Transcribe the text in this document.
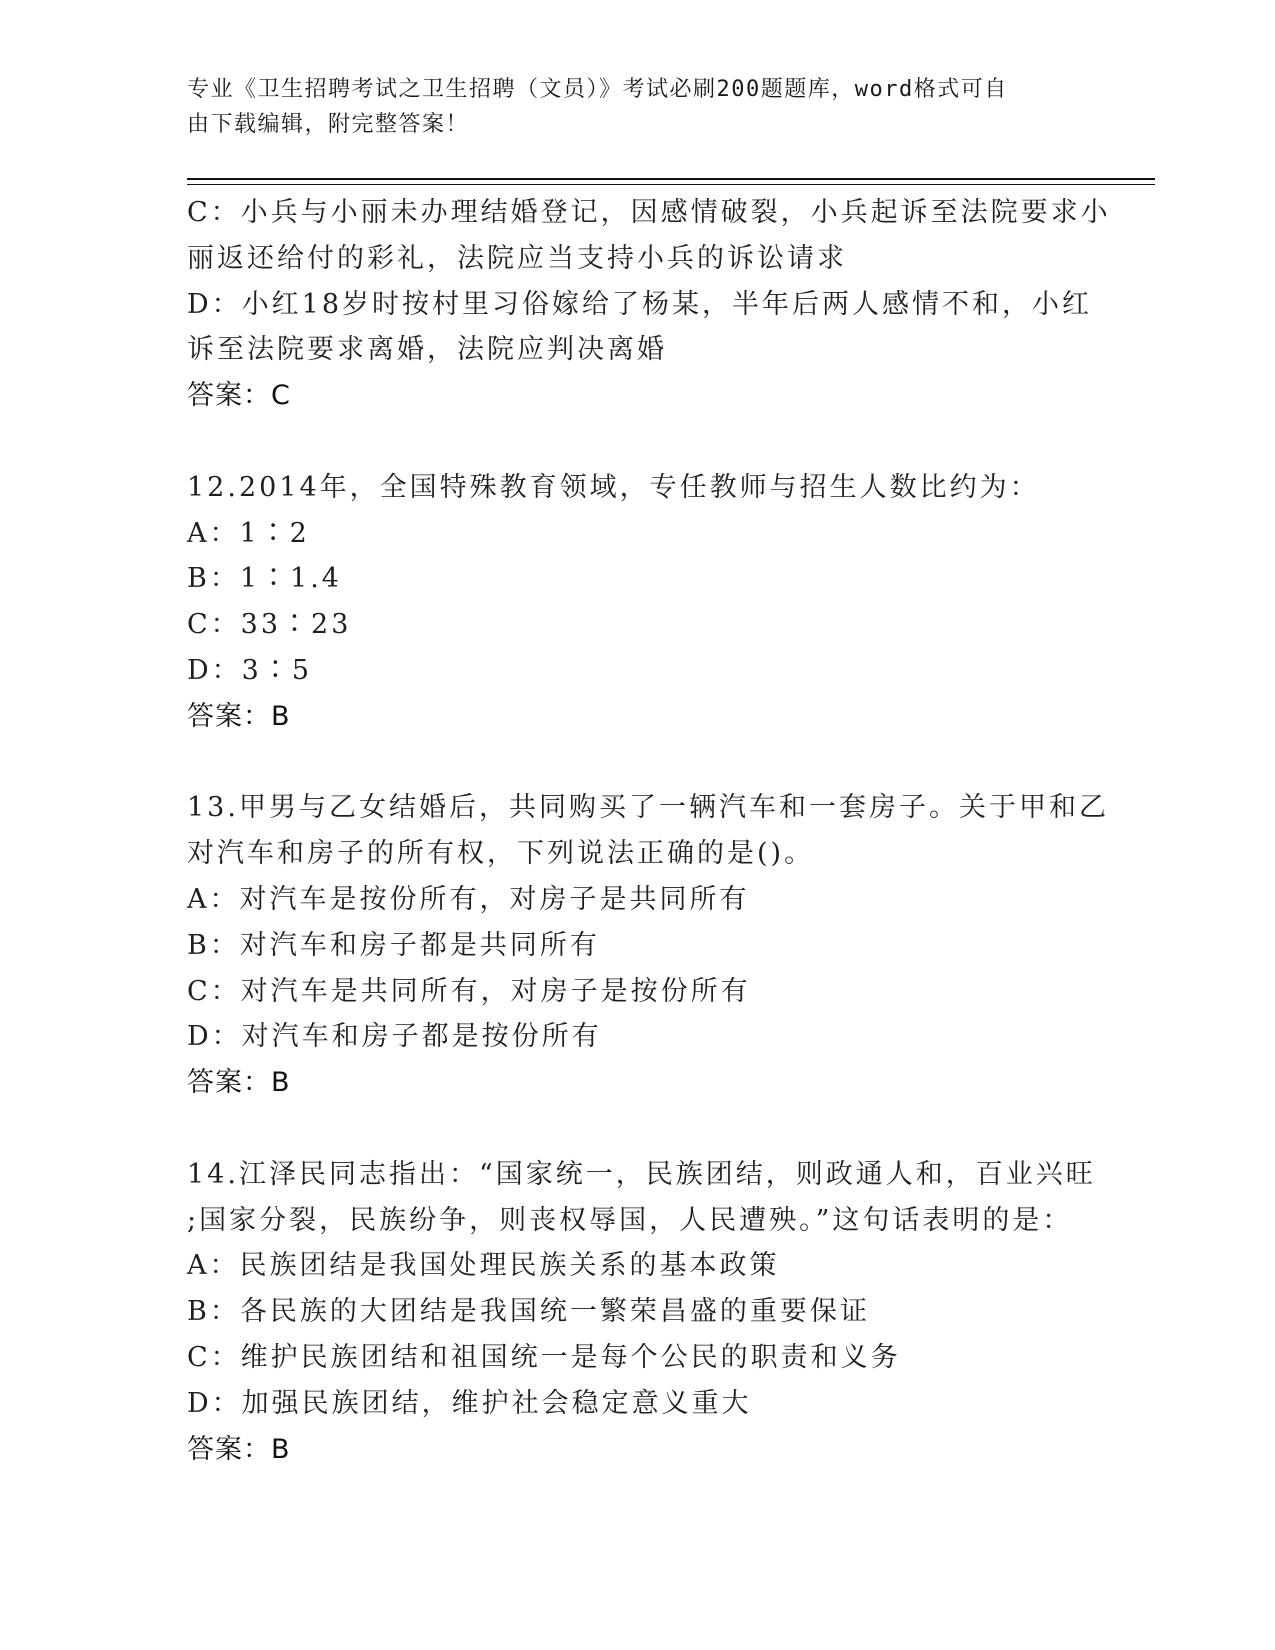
专业《卫生招聘考试之卫生招聘（文员）》考试必刷200题题库，word格式可自
由下载编辑，附完整答案！
C：小兵与小丽未办理结婚登记，因感情破裂，小兵起诉至法院要求小
丽返还给付的彩礼，法院应当支持小兵的诉讼请求
D：小红18岁时按村里习俗嫁给了杨某，半年后两人感情不和，小红
诉至法院要求离婚，法院应判决离婚
答案：C
12.2014年，全国特殊教育领域，专任教师与招生人数比约为：
A：1∶2
B：1∶1.4
C：33∶23
D：3∶5
答案：B
13.甲男与乙女结婚后，共同购买了一辆汽车和一套房子。关于甲和乙
对汽车和房子的所有权，下列说法正确的是()。
A：对汽车是按份所有，对房子是共同所有
B：对汽车和房子都是共同所有
C：对汽车是共同所有，对房子是按份所有
D：对汽车和房子都是按份所有
答案：B
14.江泽民同志指出：“国家统一，民族团结，则政通人和，百业兴旺
;国家分裂，民族纷争，则丧权辱国，人民遭殃。”这句话表明的是：
A：民族团结是我国处理民族关系的基本政策
B：各民族的大团结是我国统一繁荣昌盛的重要保证
C：维护民族团结和祖国统一是每个公民的职责和义务
D：加强民族团结，维护社会稳定意义重大
答案：B
